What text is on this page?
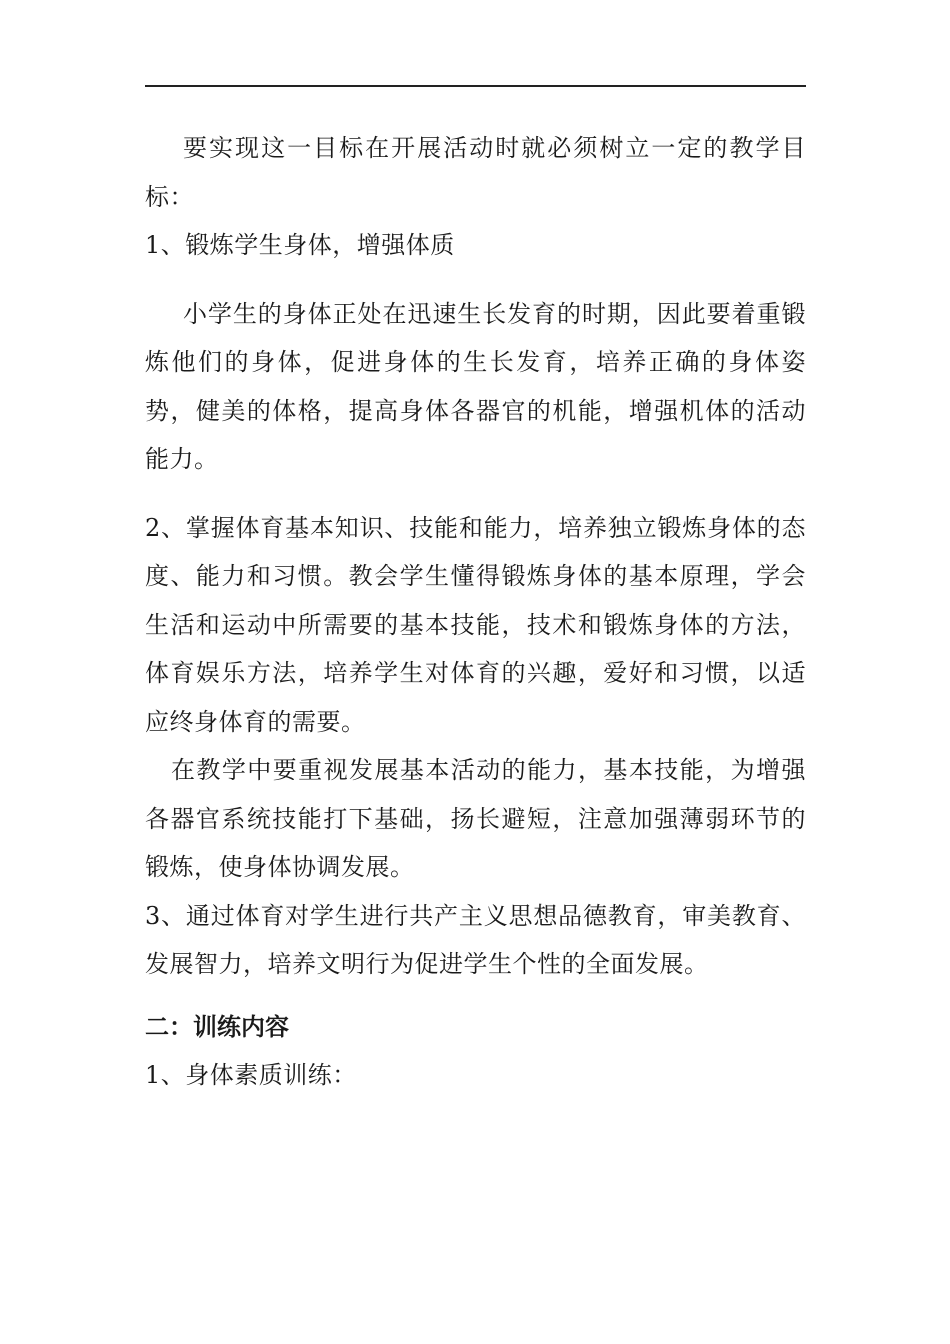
要实现这一目标在开展活动时就必须树立一定的教学目标：

1、锻炼学生身体，增强体质

小学生的身体正处在迅速生长发育的时期，因此要着重锻炼他们的身体，促进身体的生长发育，培养正确的身体姿势，健美的体格，提高身体各器官的机能，增强机体的活动能力。

2、掌握体育基本知识、技能和能力，培养独立锻炼身体的态度、能力和习惯。教会学生懂得锻炼身体的基本原理，学会生活和运动中所需要的基本技能，技术和锻炼身体的方法，体育娱乐方法，培养学生对体育的兴趣，爱好和习惯，以适应终身体育的需要。

在教学中要重视发展基本活动的能力，基本技能，为增强各器官系统技能打下基础，扬长避短，注意加强薄弱环节的锻炼，使身体协调发展。

3、通过体育对学生进行共产主义思想品德教育，审美教育、发展智力，培养文明行为促进学生个性的全面发展。

二：训练内容

1、身体素质训练：
